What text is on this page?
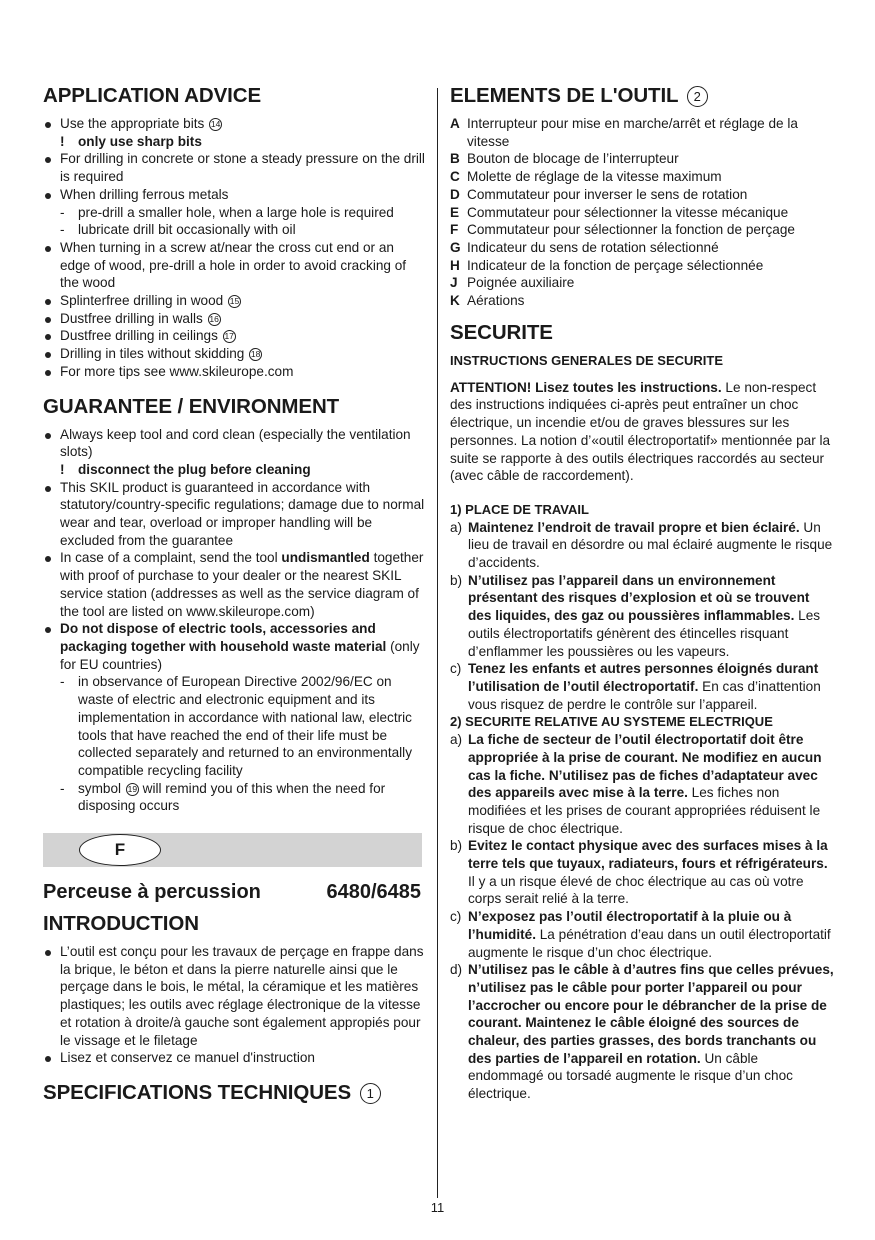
APPLICATION ADVICE
Use the appropriate bits 14
! only use sharp bits
For drilling in concrete or stone a steady pressure on the drill is required
When drilling ferrous metals
- pre-drill a smaller hole, when a large hole is required
- lubricate drill bit occasionally with oil
When turning in a screw at/near the cross cut end or an edge of wood, pre-drill a hole in order to avoid cracking of the wood
Splinterfree drilling in wood 15
Dustfree drilling in walls 16
Dustfree drilling in ceilings 17
Drilling in tiles without skidding 18
For more tips see www.skileurope.com
GUARANTEE / ENVIRONMENT
Always keep tool and cord clean (especially the ventilation slots)
! disconnect the plug before cleaning
This SKIL product is guaranteed in accordance with statutory/country-specific regulations; damage due to normal wear and tear, overload or improper handling will be excluded from the guarantee
In case of a complaint, send the tool undismantled together with proof of purchase to your dealer or the nearest SKIL service station (addresses as well as the service diagram of the tool are listed on www.skileurope.com)
Do not dispose of electric tools, accessories and packaging together with household waste material (only for EU countries)
- in observance of European Directive 2002/96/EC on waste of electric and electronic equipment and its implementation in accordance with national law, electric tools that have reached the end of their life must be collected separately and returned to an environmentally compatible recycling facility
- symbol 19 will remind you of this when the need for disposing occurs
F
Perceuse à percussion	6480/6485
INTRODUCTION
L’outil est conçu pour les travaux de perçage en frappe dans la brique, le béton et dans la pierre naturelle ainsi que le perçage dans le bois, le métal, la céramique et les matières plastiques; les outils avec réglage électronique de la vitesse et rotation à droite/à gauche sont également appropiés pour le vissage et le filetage
Lisez et conservez ce manuel d'instruction
SPECIFICATIONS TECHNIQUES 1
ELEMENTS DE L'OUTIL 2
A Interrupteur pour mise en marche/arrêt et réglage de la vitesse
B Bouton de blocage de l’interrupteur
C Molette de réglage de la vitesse maximum
D Commutateur pour inverser le sens de rotation
E Commutateur pour sélectionner la vitesse mécanique
F Commutateur pour sélectionner la fonction de perçage
G Indicateur du sens de rotation sélectionné
H Indicateur de la fonction de perçage sélectionnée
J Poignée auxiliaire
K Aérations
SECURITE
INSTRUCTIONS GENERALES DE SECURITE
ATTENTION! Lisez toutes les instructions. Le non-respect des instructions indiquées ci-après peut entraîner un choc électrique, un incendie et/ou de graves blessures sur les personnes. La notion d’«outil électroportatif» mentionnée par la suite se rapporte à des outils électriques raccordés au secteur (avec câble de raccordement).
1) PLACE DE TRAVAIL
a) Maintenez l’endroit de travail propre et bien éclairé. Un lieu de travail en désordre ou mal éclairé augmente le risque d’accidents.
b) N’utilisez pas l’appareil dans un environnement présentant des risques d’explosion et où se trouvent des liquides, des gaz ou poussières inflammables. Les outils électroportatifs génèrent des étincelles risquant d’enflammer les poussières ou les vapeurs.
c) Tenez les enfants et autres personnes éloignés durant l’utilisation de l’outil électroportatif. En cas d’inattention vous risquez de perdre le contrôle sur l’appareil.
2) SECURITE RELATIVE AU SYSTEME ELECTRIQUE
a) La fiche de secteur de l’outil électroportatif doit être appropriée à la prise de courant. Ne modifiez en aucun cas la fiche. N’utilisez pas de fiches d’adaptateur avec des appareils avec mise à la terre. Les fiches non modifiées et les prises de courant appropriées réduisent le risque de choc électrique.
b) Evitez le contact physique avec des surfaces mises à la terre tels que tuyaux, radiateurs, fours et réfrigérateurs. Il y a un risque élevé de choc électrique au cas où votre corps serait relié à la terre.
c) N’exposez pas l’outil électroportatif à la pluie ou à l’humidité. La pénétration d’eau dans un outil électroportatif augmente le risque d’un choc électrique.
d) N’utilisez pas le câble à d’autres fins que celles prévues, n’utilisez pas le câble pour porter l’appareil ou pour l’accrocher ou encore pour le débrancher de la prise de courant. Maintenez le câble éloigné des sources de chaleur, des parties grasses, des bords tranchants ou des parties de l’appareil en rotation. Un câble endommagé ou torsadé augmente le risque d’un choc électrique.
11
